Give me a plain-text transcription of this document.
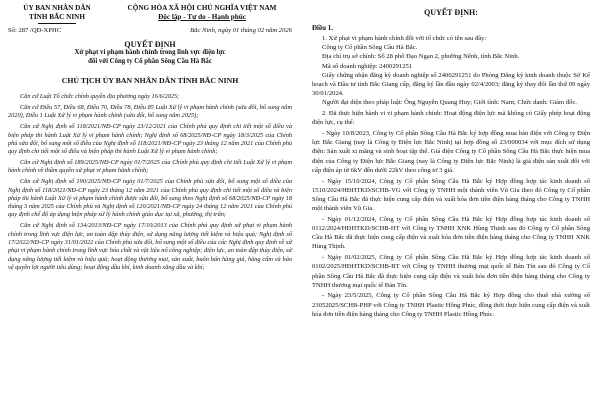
ỦY BAN NHÂN DÂN
TỈNH BẮC NINH
CỘNG HÒA XÃ HỘI CHỦ NGHĨA VIỆT NAM
Độc lập - Tự do - Hạnh phúc
Số: 287 /QĐ-XPHC	Bắc Ninh, ngày 01 tháng 02 năm 2026
QUYẾT ĐỊNH
Xử phạt vi phạm hành chính trong lĩnh vực điện lực
đối với Công ty Cổ phần Sông Cầu Hà Bắc
CHỦ TỊCH ỦY BAN NHÂN DÂN TỈNH BẮC NINH

Căn cứ Luật Tổ chức chính quyền địa phương ngày 16/6/2025;

Căn cứ Điều 57, Điều 68, Điều 70, Điều 78, Điều 85 Luật Xử lý vi phạm hành chính (sửa đổi, bổ sung năm 2020), Điều 1 Luật Xử lý vi phạm hành chính (sửa đổi, bổ sung năm 2025);

Căn cứ Nghị định số 118/2021/NĐ-CP ngày 23/12/2021 của Chính phủ quy định chi tiết một số điều và biện pháp thi hành Luật Xử lý vi phạm hành chính; Nghị định số 68/2025/NĐ-CP ngày 18/3/2025 của Chính phủ sửa đổi, bổ sung một số điều của Nghị định số 118/2021/NĐ-CP ngày 23 tháng 12 năm 2021 của Chính phủ quy định chi tiết một số điều và biện pháp thi hành Luật Xử lý vi phạm hành chính;

Căn cứ Nghị định số 189/2025/NĐ-CP ngày 01/7/2025 của Chính phủ quy định chi tiết Luật Xử lý vi phạm hành chính về thẩm quyền xử phạt vi phạm hành chính;

Căn cứ Nghị định số 190/2025/NĐ-CP ngày 01/7/2025 của Chính phủ sửa đổi, bổ sung một số điều của Nghị định số 118/2021/NĐ-CP ngày 23 tháng 12 năm 2021 của Chính phủ quy định chi tiết một số điều và biện pháp thi hành Luật Xử lý vi phạm hành chính được sửa đổi, bổ sung theo Nghị định số 68/2025/NĐ-CP ngày 18 tháng 3 năm 2025 của Chính phủ và Nghị định số 120/2021/NĐ-CP ngày 24 tháng 12 năm 2021 của Chính phủ quy định chế độ áp dụng biện pháp xử lý hành chính giáo dục tại xã, phường, thị trấn;

Căn cứ Nghị định số 134/2013/NĐ-CP ngày 17/10/2013 của Chính phủ quy định xử phạt vi phạm hành chính trong lĩnh vực điện lực, an toàn đập thủy điện, sử dụng năng lượng tiết kiệm và hiệu quả; Nghị định số 17/2022/NĐ-CP ngày 31/01/2022 của Chính phủ sửa đổi, bổ sung một số điều của các Nghị định quy định về xử phạt vi phạm hành chính trong lĩnh vực hóa chất và vật liệu nổ công nghiệp; điện lực, an toàn đập thủy điện, sử dụng năng lượng tiết kiệm và hiệu quả; hoạt động thương mại, sản xuất, buôn bán hàng giả, hàng cấm và bảo vệ quyền lợi người tiêu dùng; hoạt động dầu khí, kinh doanh xăng dầu và khí;

QUYẾT ĐỊNH:
Điều 1.

1. Xử phạt vi phạm hành chính đối với tổ chức có tên sau đây:

Công ty Cổ phần Sông Cầu Hà Bắc.

Địa chỉ trụ sở chính: Số 28 phố Đạo Ngạn 2, phường Nếnh, tỉnh Bắc Ninh.

Mã số doanh nghiệp: 2400291251

Giấy chứng nhận đăng ký doanh nghiệp số 2400291251 do Phòng Đăng ký kinh doanh thuộc Sở Kế hoạch và Đầu tư tỉnh Bắc Giang cấp, đăng ký lần đầu ngày 02/4/2003; đăng ký thay đổi lần thứ 09 ngày 30/01/2024.

Người đại diện theo pháp luật: Ông Nguyễn Quang Huy; Giới tính: Nam; Chức danh: Giám đốc.

2. Đã thực hiện hành vi vi phạm hành chính: Hoạt động điện lực mà không có Giấy phép hoạt động điện lực, cụ thể:

- Ngày 10/8/2023, Công ty Cổ phần Sông Cầu Hà Bắc ký hợp đồng mua bán điện với Công ty Điện lực Bắc Giang (nay là Công ty Điện lực Bắc Ninh) tại hợp đồng số 23/000034 với mục đích sử dụng điện: Sản xuất xi măng và sinh hoạt tập thể. Giá điện Công ty Cổ phần Sông Cầu Hà Bắc thực hiện mua điện của Công ty Điện lực Bắc Giang (nay là Công ty Điện lực Bắc Ninh) là giá điện sản xuất đối với cấp điện áp từ 6kV đến dưới 22kV theo công tơ 3 giá.

- Ngày 15/10/2024, Công ty Cổ phần Sông Cầu Hà Bắc ký Hợp đồng hợp tác kinh doanh số 1510/2024/HĐHTKD/SCHB-VG với Công ty TNHH một thành viên Vũ Gia theo đó Công ty Cổ phần Sông Cầu Hà Bắc đã thực hiện cung cấp điện và xuất hóa đơn tiền điện hàng tháng cho Công ty TNHH một thành viên Vũ Gia.

- Ngày 01/12/2024, Công ty Cổ phần Sông Cầu Hà Bắc ký Hợp đồng hợp tác kinh doanh số 0112/2024/HĐHTKD/SCHB-HT với Công ty TNHH XNK Hùng Thịnh sau đó Công ty Cổ phần Sông Cầu Hà Bắc đã thực hiện cung cấp điện và xuất hóa đơn tiền điện hàng tháng cho Công ty TNHH XNK Hùng Thịnh.

- Ngày 01/02/2025, Công ty Cổ phần Sông Cầu Hà Bắc ký Hợp đồng hợp tác kinh doanh số 0102/2025/HĐHTKD/SCHB-BT với Công ty TNHH thương mại quốc tế Bản Tín sau đó Công ty Cổ phần Sông Cầu Hà Bắc đã thực hiện cung cấp điện và xuất hóa đơn tiền điện hàng tháng cho Công ty TNHH thương mại quốc tế Bản Tín.

- Ngày 23/5/2025, Công ty Cổ phần Sông Cầu Hà Bắc ký Hợp đồng cho thuê nhà xưởng số 23052025/SCHB-PHP với Công ty TNHH Plastic Hồng Phúc, đồng thời thực hiện cung cấp điện và xuất hóa đơn tiền điện hàng tháng cho Công ty TNHH Plastic Hồng Phúc.
